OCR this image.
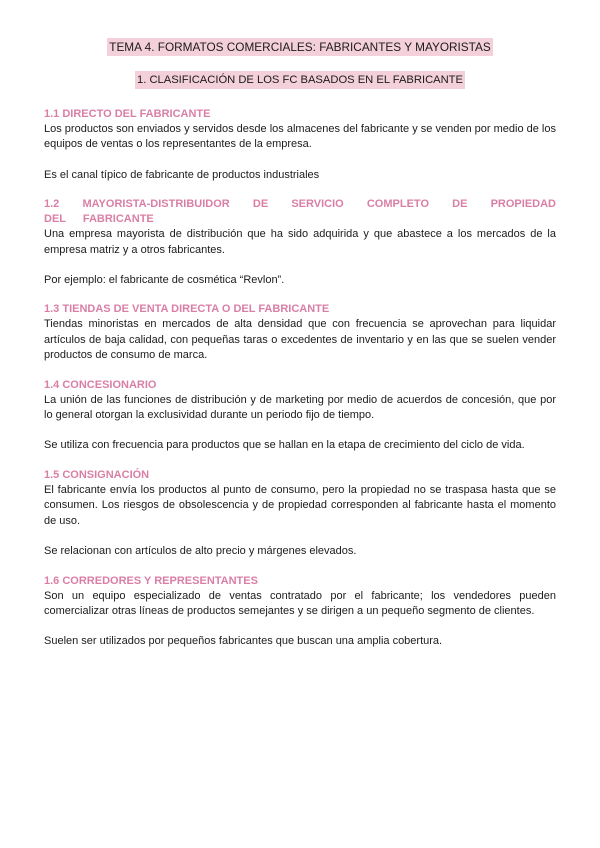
TEMA 4. FORMATOS COMERCIALES: FABRICANTES Y MAYORISTAS
1. CLASIFICACIÓN DE LOS FC BASADOS EN EL FABRICANTE
1.1 DIRECTO DEL FABRICANTE

Los productos son enviados y servidos desde los almacenes del fabricante y se venden por medio de los equipos de ventas o los representantes de la empresa.

Es el canal típico de fabricante de productos industriales

1.2 MAYORISTA-DISTRIBUIDOR DE SERVICIO COMPLETO DE PROPIEDAD DEL FABRICANTE

Una empresa mayorista de distribución que ha sido adquirida y que abastece a los mercados de la empresa matriz y a otros fabricantes.

Por ejemplo: el fabricante de cosmética “Revlon”.

1.3 TIENDAS DE VENTA DIRECTA O DEL FABRICANTE

Tiendas minoristas en mercados de alta densidad que con frecuencia se aprovechan para liquidar artículos de baja calidad, con pequeñas taras o excedentes de inventario y en las que se suelen vender productos de consumo de marca.

1.4 CONCESIONARIO

La unión de las funciones de distribución y de marketing por medio de acuerdos de concesión, que por lo general otorgan la exclusividad durante un periodo fijo de tiempo.

Se utiliza con frecuencia para productos que se hallan en la etapa de crecimiento del ciclo de vida.

1.5 CONSIGNACIÓN

El fabricante envía los productos al punto de consumo, pero la propiedad no se traspasa hasta que se consumen. Los riesgos de obsolescencia y de propiedad corresponden al fabricante hasta el momento de uso.

Se relacionan con artículos de alto precio y márgenes elevados.

1.6 CORREDORES Y REPRESENTANTES

Son un equipo especializado de ventas contratado por el fabricante; los vendedores pueden comercializar otras líneas de productos semejantes y se dirigen a un pequeño segmento de clientes.

Suelen ser utilizados por pequeños fabricantes que buscan una amplia cobertura.
